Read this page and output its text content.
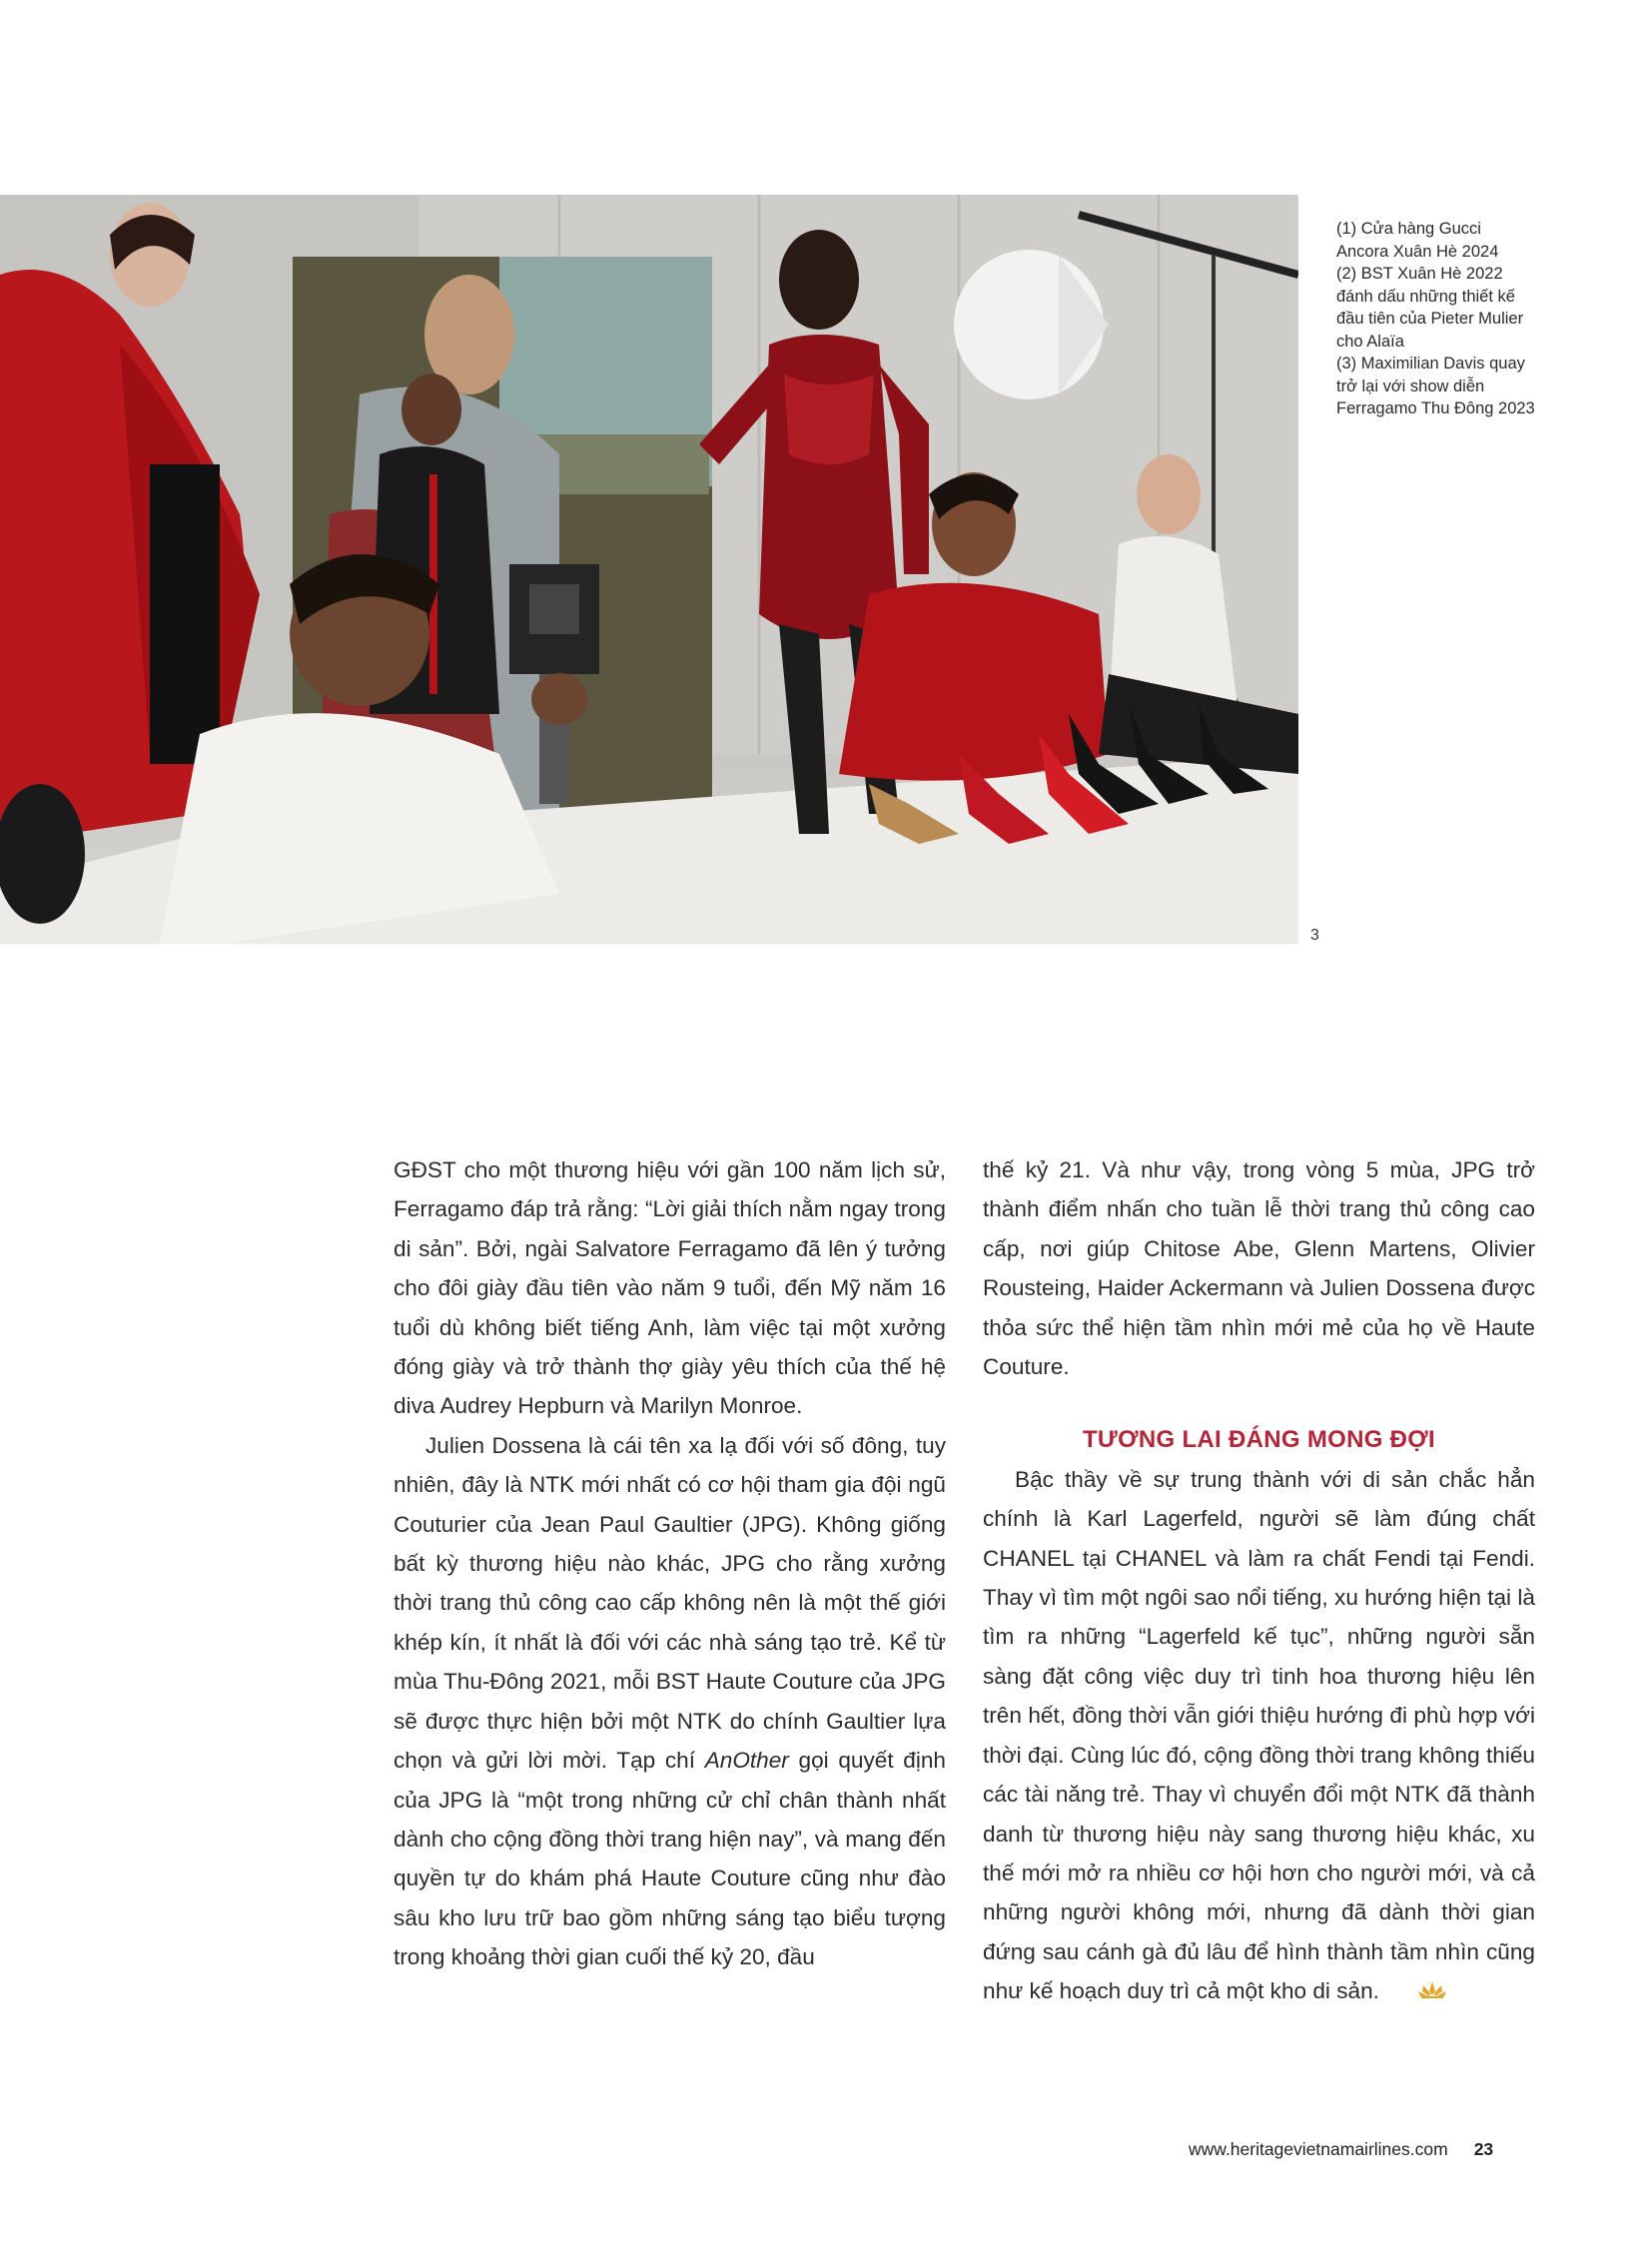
(1) Cửa hàng Gucci Ancora Xuân Hè 2024

(2) BST Xuân Hè 2022 đánh dấu những thiết kế đầu tiên của Pieter Mulier cho Alaïa

(3) Maximilian Davis quay trở lại với show diễn Ferragamo Thu Đông 2023

3

GĐST cho một thương hiệu với gần 100 năm lịch sử, Ferragamo đáp trả rằng: “Lời giải thích nằm ngay trong di sản”. Bởi, ngài Salvatore Ferragamo đã lên ý tưởng cho đôi giày đầu tiên vào năm 9 tuổi, đến Mỹ năm 16 tuổi dù không biết tiếng Anh, làm việc tại một xưởng đóng giày và trở thành thợ giày yêu thích của thế hệ diva Audrey Hepburn và Marilyn Monroe.

Julien Dossena là cái tên xa lạ đối với số đông, tuy nhiên, đây là NTK mới nhất có cơ hội tham gia đội ngũ Couturier của Jean Paul Gaultier (JPG). Không giống bất kỳ thương hiệu nào khác, JPG cho rằng xưởng thời trang thủ công cao cấp không nên là một thế giới khép kín, ít nhất là đối với các nhà sáng tạo trẻ. Kể từ mùa Thu-Đông 2021, mỗi BST Haute Couture của JPG sẽ được thực hiện bởi một NTK do chính Gaultier lựa chọn và gửi lời mời. Tạp chí AnOther gọi quyết định của JPG là “một trong những cử chỉ chân thành nhất dành cho cộng đồng thời trang hiện nay”, và mang đến quyền tự do khám phá Haute Couture cũng như đào sâu kho lưu trữ bao gồm những sáng tạo biểu tượng trong khoảng thời gian cuối thế kỷ 20, đầu

thế kỷ 21. Và như vậy, trong vòng 5 mùa, JPG trở thành điểm nhấn cho tuần lễ thời trang thủ công cao cấp, nơi giúp Chitose Abe, Glenn Martens, Olivier Rousteing, Haider Ackermann và Julien Dossena được thỏa sức thể hiện tầm nhìn mới mẻ của họ về Haute Couture.

TƯƠNG LAI ĐÁNG MONG ĐỢI

Bậc thầy về sự trung thành với di sản chắc hẳn chính là Karl Lagerfeld, người sẽ làm đúng chất CHANEL tại CHANEL và làm ra chất Fendi tại Fendi. Thay vì tìm một ngôi sao nổi tiếng, xu hướng hiện tại là tìm ra những “Lagerfeld kế tục”, những người sẵn sàng đặt công việc duy trì tinh hoa thương hiệu lên trên hết, đồng thời vẫn giới thiệu hướng đi phù hợp với thời đại. Cùng lúc đó, cộng đồng thời trang không thiếu các tài năng trẻ. Thay vì chuyển đổi một NTK đã thành danh từ thương hiệu này sang thương hiệu khác, xu thế mới mở ra nhiều cơ hội hơn cho người mới, và cả những người không mới, nhưng đã dành thời gian đứng sau cánh gà đủ lâu để hình thành tầm nhìn cũng như kế hoạch duy trì cả một kho di sản.

www.heritagevietnamairlines.com 23
